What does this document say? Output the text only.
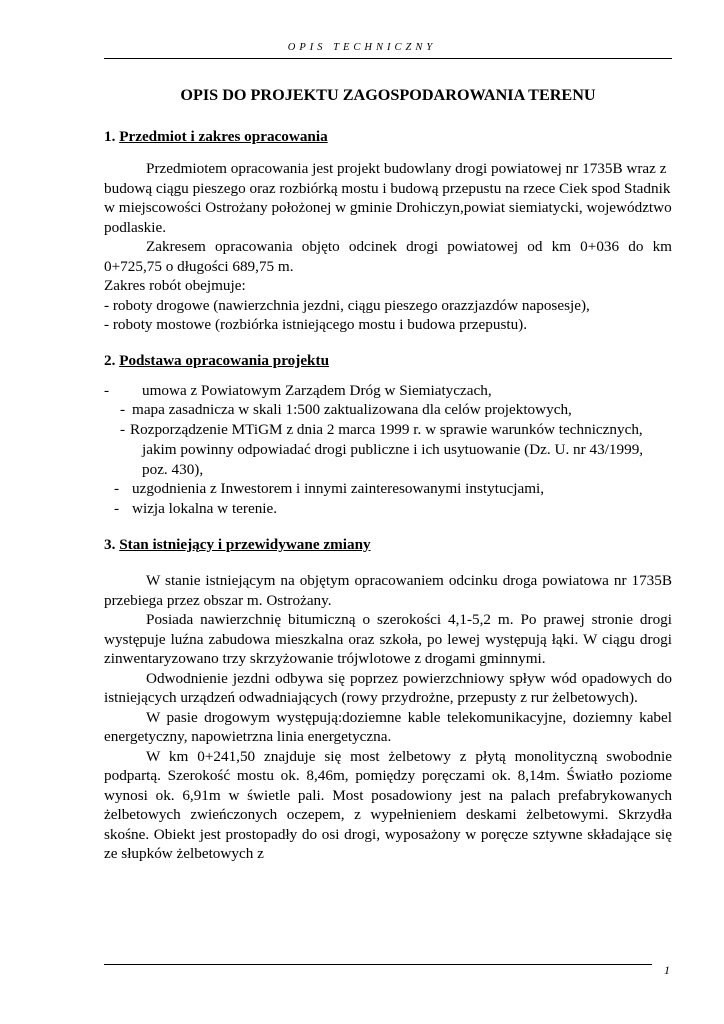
OPIS TECHNICZNY
OPIS DO PROJEKTU ZAGOSPODAROWANIA TERENU
1. Przedmiot i zakres opracowania

Przedmiotem opracowania jest projekt budowlany drogi powiatowej nr 1735B wraz z budową ciągu pieszego oraz rozbiórką mostu i budową przepustu na rzece Ciek spod Stadnik w miejscowości Ostrożany położonej w gminie Drohiczyn,powiat siemiatycki, województwo podlaskie.

Zakresem opracowania objęto odcinek drogi powiatowej od km 0+036 do km 0+725,75 o długości 689,75 m.

Zakres robót obejmuje:

- roboty drogowe (nawierzchnia jezdni, ciągu pieszego orazzjazdów naposesje),

- roboty mostowe (rozbiórka istniejącego mostu i budowa przepustu).

2. Podstawa opracowania projektu
- umowa z Powiatowym Zarządem Dróg w Siemiatyczach,
- mapa zasadnicza w skali 1:500 zaktualizowana dla celów projektowych,
- Rozporządzenie MTiGM z dnia 2 marca 1999 r. w sprawie warunków technicznych, jakim powinny odpowiadać drogi publiczne i ich usytuowanie (Dz. U. nr 43/1999, poz. 430),
- uzgodnienia z Inwestorem i innymi zainteresowanymi instytucjami,
- wizja lokalna w terenie.
3. Stan istniejący i przewidywane zmiany

W stanie istniejącym na objętym opracowaniem odcinku droga powiatowa nr 1735B przebiega przez obszar m. Ostrożany.

Posiada nawierzchnię bitumiczną o szerokości 4,1-5,2 m. Po prawej stronie drogi występuje luźna zabudowa mieszkalna oraz szkoła, po lewej występują łąki. W ciągu drogi zinwentaryzowano trzy skrzyżowanie trójwlotowe z drogami gminnymi.

Odwodnienie jezdni odbywa się poprzez powierzchniowy spływ wód opadowych do istniejących urządzeń odwadniających (rowy przydrożne, przepusty z rur żelbetowych).

W pasie drogowym występują:doziemne kable telekomunikacyjne, doziemny kabel energetyczny, napowietrzna linia energetyczna.

W km 0+241,50 znajduje się most żelbetowy z płytą monolityczną swobodnie podpartą. Szerokość mostu ok. 8,46m, pomiędzy poręczami ok. 8,14m. Światło poziome wynosi ok. 6,91m w świetle pali. Most posadowiony jest na palach prefabrykowanych żelbetowych zwieńczonych oczepem, z wypełnieniem deskami żelbetowymi. Skrzydła skośne. Obiekt jest prostopadły do osi drogi, wyposażony w poręcze sztywne składające się ze słupków żelbetowych z

1
